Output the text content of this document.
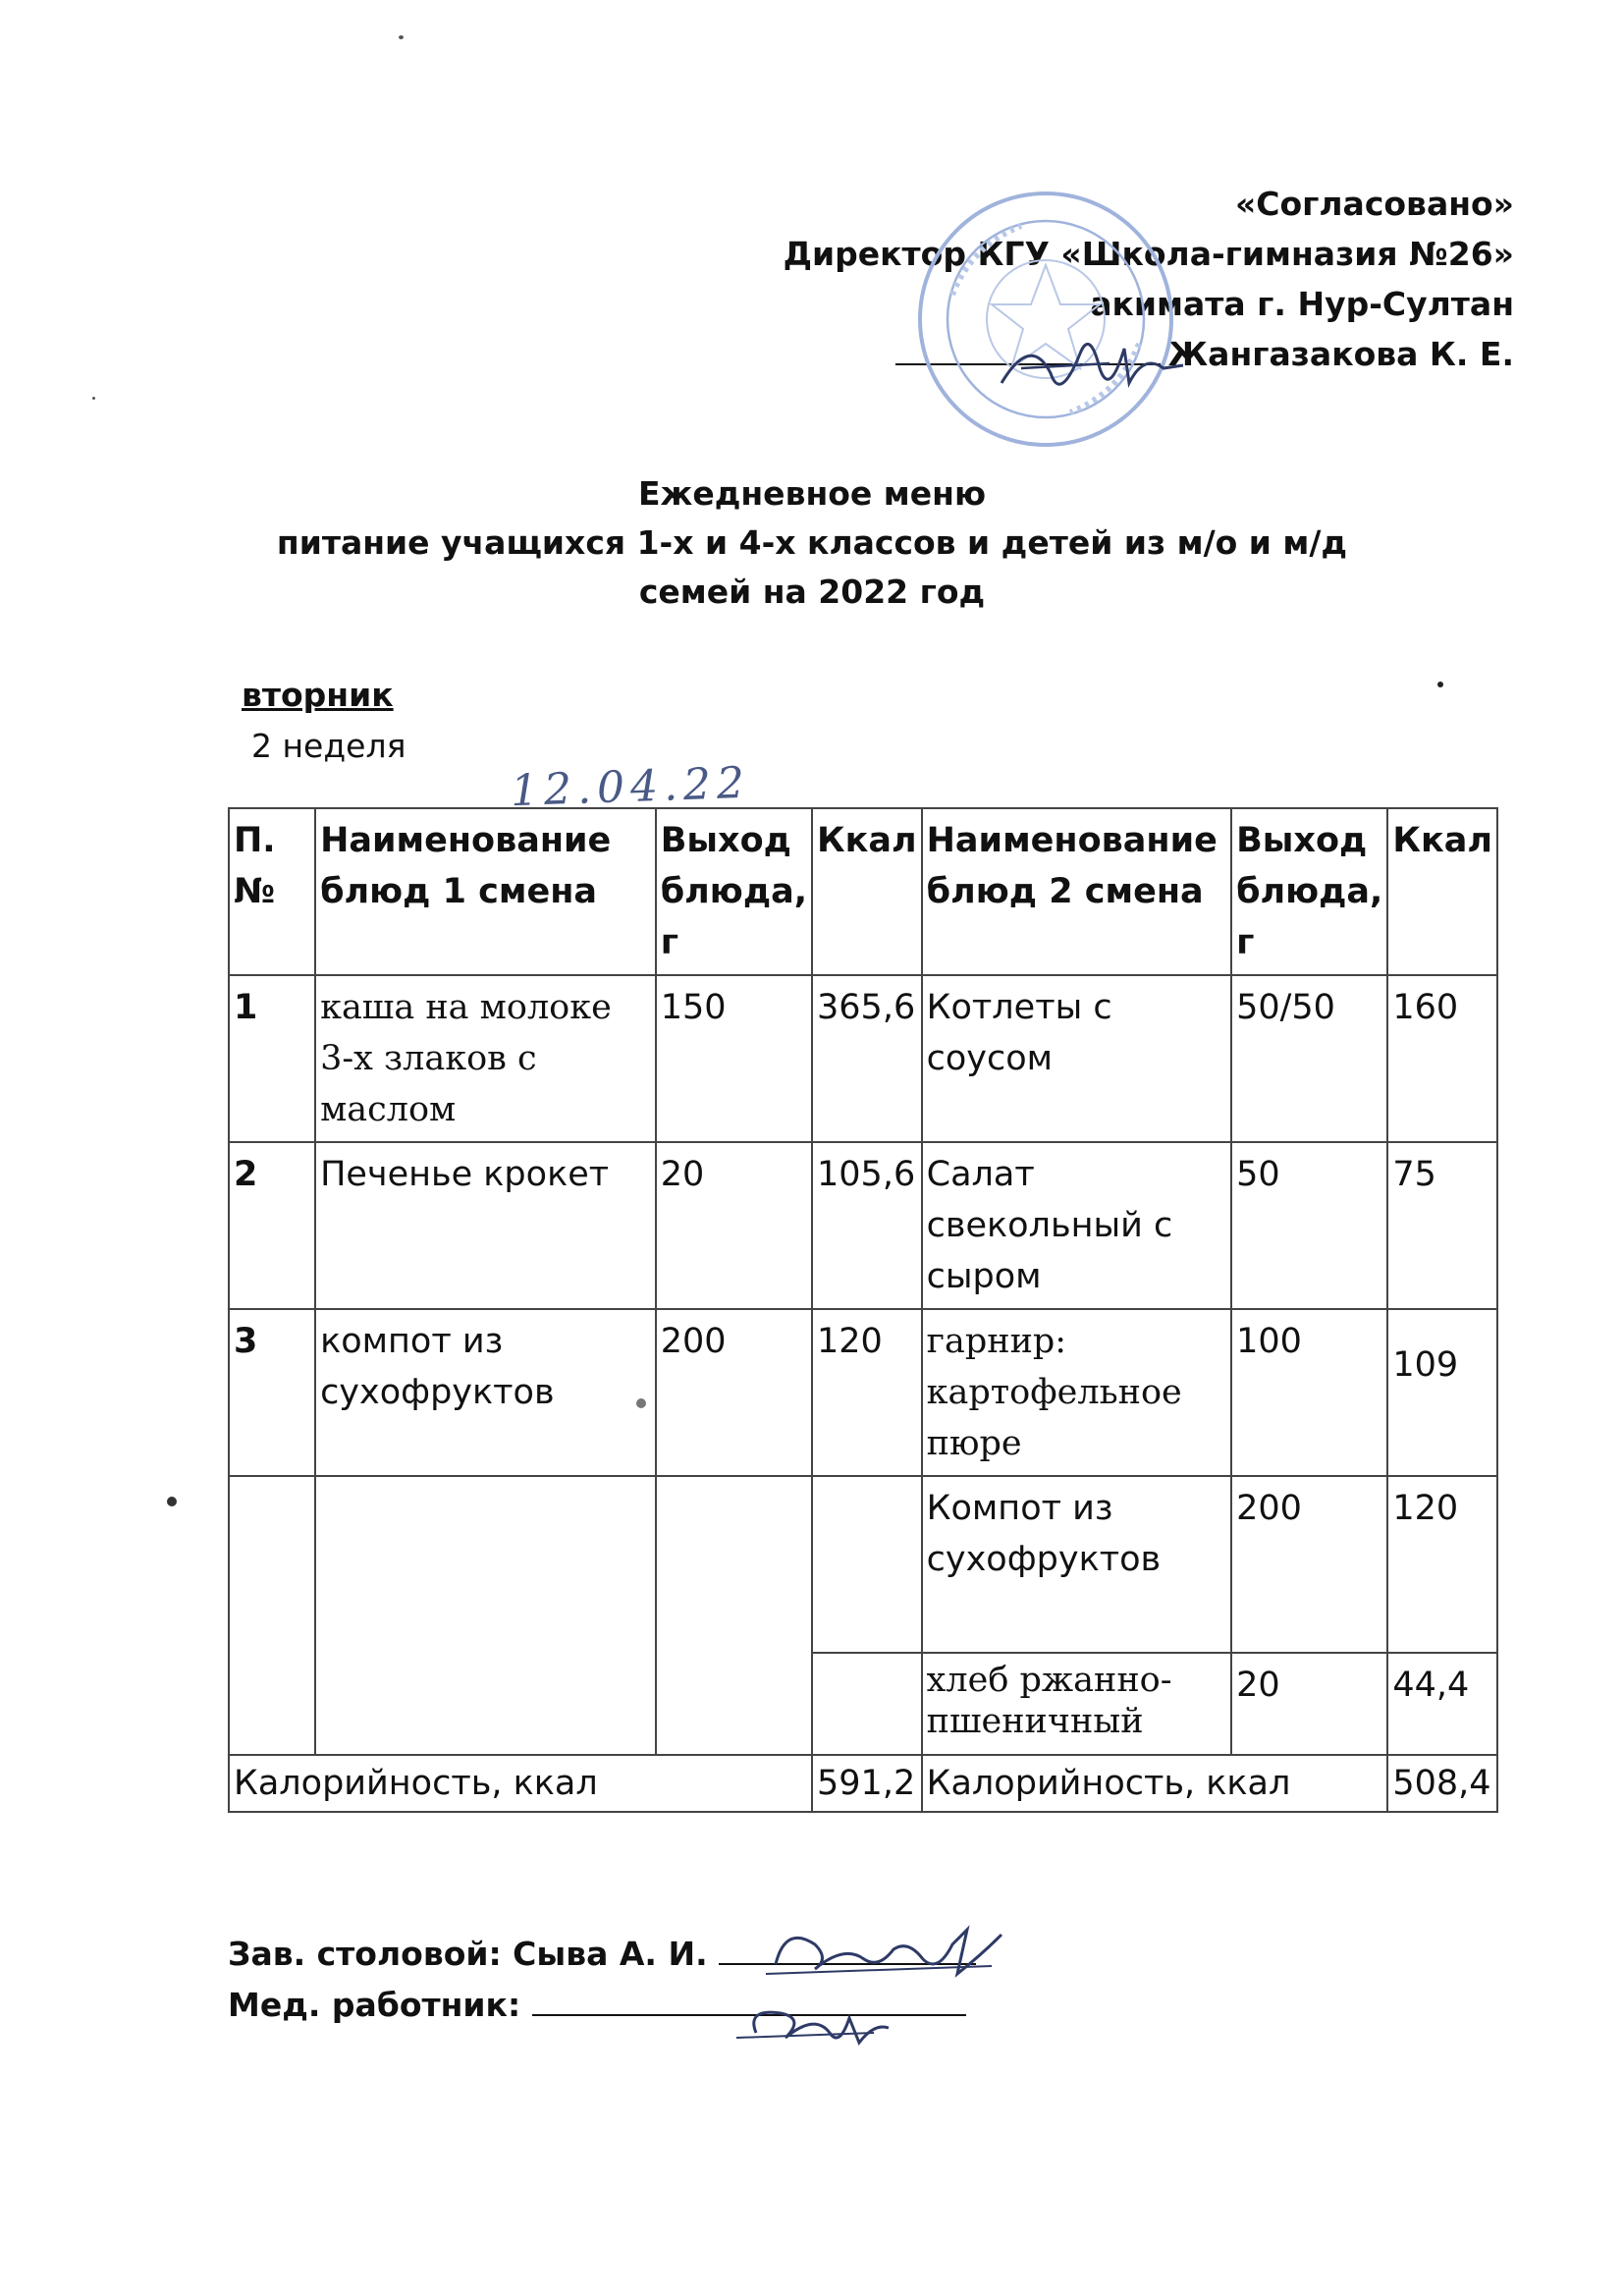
«Согласовано»
Директор КГУ «Школа-гимназия №26»
акимата г. Нур-Султан
Жангазакова К. Е.
Ежедневное меню
питание учащихся 1-х и 4-х классов и детей из м/о и м/д
семей на 2022 год
вторник
2 неделя
12.04.22
П.№	Наименование блюд 1 смена	Выход блюда, г	Ккал	Наименование блюд 2 смена	Выход блюда, г	Ккал
1	каша на молоке 3-х злаков с маслом	150	365,6	Котлеты с соусом	50/50	160
2	Печенье крокет	20	105,6	Салат свекольный с сыром	50	75
3	компот из сухофруктов	200	120	гарнир: картофельное пюре	100	109
				Компот из сухофруктов	200	120
				хлеб ржанно-пшеничный	20	44,4
Калорийность, ккал			591,2	Калорийность, ккал		508,4
Зав. столовой: Сыва А. И.
Мед. работник:
